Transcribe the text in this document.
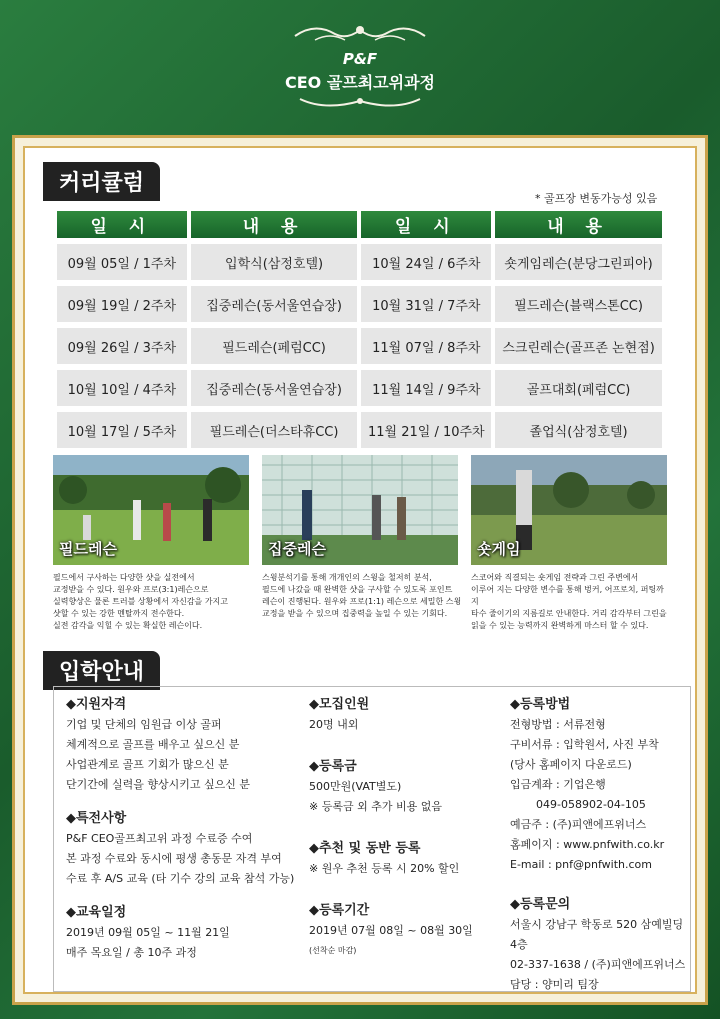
P&F
CEO 골프최고위과정
커리큘럼
* 골프장 변동가능성 있음
일 시	내 용	일 시	내 용
09월 05일 / 1주차	입학식(삼정호텔)	10월 24일 / 6주차	숏게임레슨(분당그린피아)
09월 19일 / 2주차	집중레슨(동서울연습장)	10월 31일 / 7주차	필드레슨(블랙스톤CC)
09월 26일 / 3주차	필드레슨(페럼CC)	11월 07일 / 8주차	스크린레슨(골프존 논현점)
10월 10일 / 4주차	집중레슨(동서울연습장)	11월 14일 / 9주차	골프대회(페럼CC)
10월 17일 / 5주차	필드레슨(더스타휴CC)	11월 21일 / 10주차	졸업식(삼정호텔)
필드레슨	집중레슨	숏게임
필드에서 구사하는 다양한 샷을 실전에서
교정받을 수 있다. 원우와 프로(3:1)레슨으로
실력향상은 물론 트러블 상황에서 자신감을 가지고
샷할 수 있는 강한 멘탈까지 전수한다.
실전 감각을 익힐 수 있는 확실한 레슨이다.
스윙분석기를 통해 개개인의 스윙을 철저히 분석,
필드에 나갔을 때 완벽한 샷을 구사할 수 있도록 포인트
레슨이 진행된다. 원우와 프로(1:1) 레슨으로 세밀한 스윙
교정을 받을 수 있으며 집중력을 높일 수 있는 기회다.
스코어와 직결되는 숏게임 전략과 그린 주변에서
이루어 지는 다양한 변수를 통해 벙커, 어프로치, 퍼팅까지
타수 줄이기의 지름길로 안내한다. 거리 감각부터 그린을
읽을 수 있는 능력까지 완벽하게 마스터 할 수 있다.
입학안내
◆지원자격
기업 및 단체의 임원급 이상 골퍼
체계적으로 골프를 배우고 싶으신 분
사업관계로 골프 기회가 많으신 분
단기간에 실력을 향상시키고 싶으신 분
◆특전사항
P&F CEO골프최고위 과정 수료증 수여
본 과정 수료와 동시에 평생 총동문 자격 부여
수료 후 A/S 교육 (타 기수 강의 교육 참석 가능)
◆교육일정
2019년 09월 05일 ~ 11월 21일
매주 목요일 / 총 10주 과정
◆모집인원
20명 내외
◆등록금
500만원(VAT별도)
※ 등록금 외 추가 비용 없음
◆추천 및 동반 등록
※ 원우 추천 등록 시 20% 할인
◆등록기간
2019년 07월 08일 ~ 08월 30일
(선착순 마감)
◆등록방법
전형방법 : 서류전형
구비서류 : 입학원서, 사진 부착
(당사 홈페이지 다운로드)
입금계좌 : 기업은행
049-058902-04-105
예금주 : (주)피앤에프위너스
홈페이지 : www.pnfwith.co.kr
E-mail : pnf@pnfwith.com
◆등록문의
서울시 강남구 학동로 520 삼예빌딩 4층
02-337-1638 / (주)피앤에프위너스
담당 : 양미리 팀장
